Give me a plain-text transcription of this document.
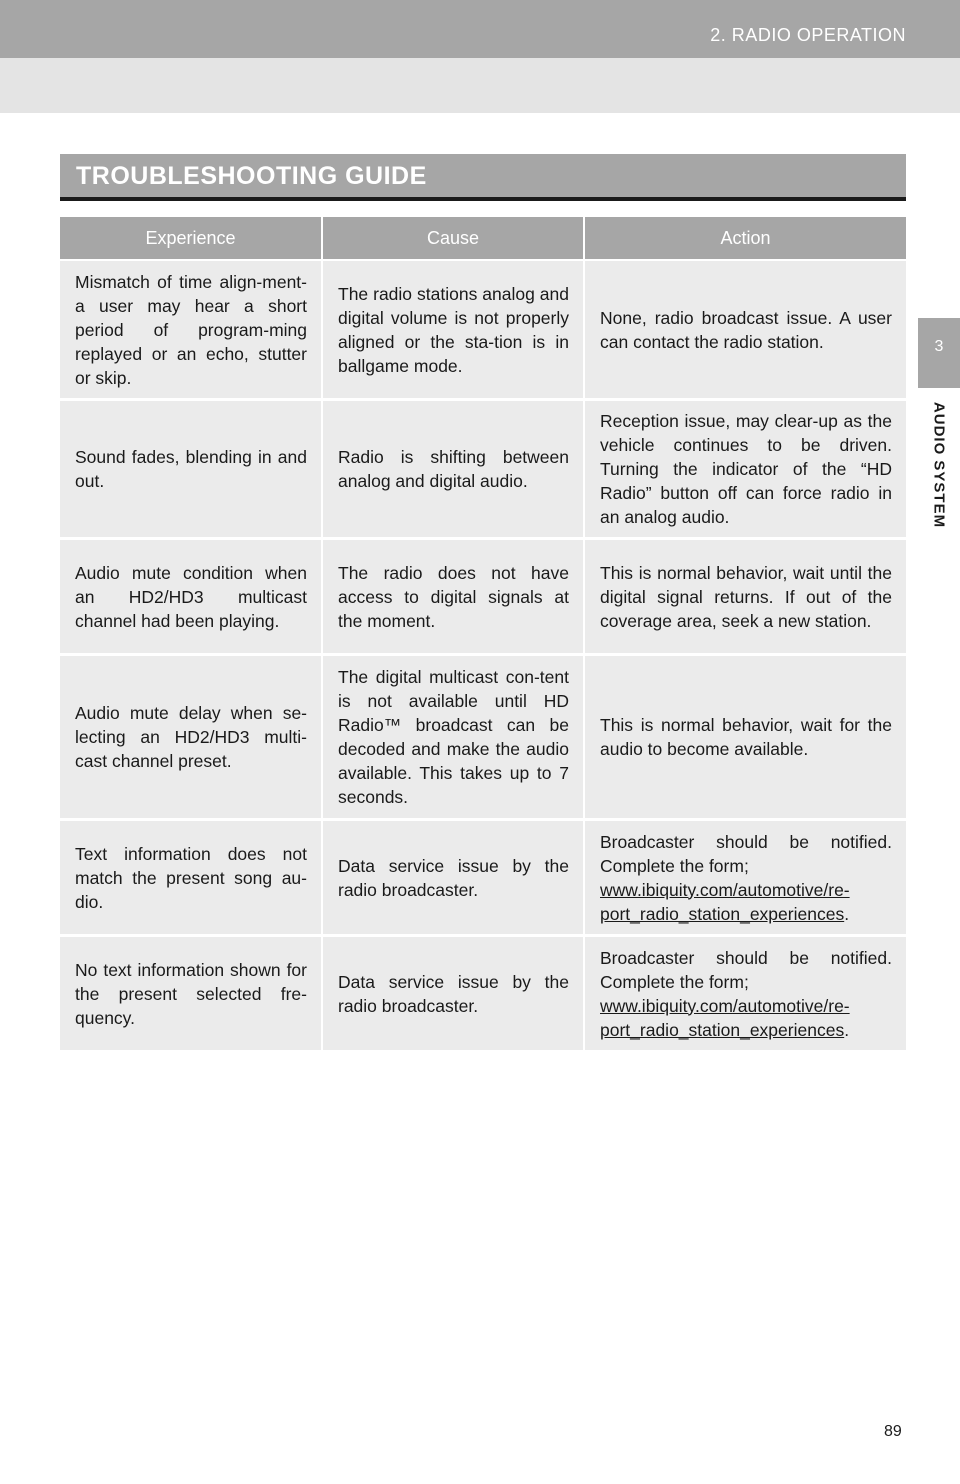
2. RADIO OPERATION
3
AUDIO SYSTEM
TROUBLESHOOTING GUIDE
Experience	Cause	Action

Mismatch of time align-ment- a user may hear a short period of program-ming replayed or an echo, stutter or skip.

The radio stations analog and digital volume is not properly aligned or the sta-tion is in ballgame mode.

None, radio broadcast issue. A user can contact the radio station.

Sound fades, blending in and out.

Radio is shifting between analog and digital audio.

Reception issue, may clear-up as the vehicle continues to be driven. Turning the indicator of the “HD Radio” button off can force radio in an analog audio.

Audio mute condition when an HD2/HD3 multicast channel had been playing.

The radio does not have access to digital signals at the moment.

This is normal behavior, wait until the digital signal returns. If out of the coverage area, seek a new station.

Audio mute delay when se-lecting an HD2/HD3 multi-cast channel preset.

The digital multicast con-tent is not available until HD Radio™ broadcast can be decoded and make the audio available. This takes up to 7 seconds.

This is normal behavior, wait for the audio to become available.

Text information does not match the present song au-dio.

Data service issue by the radio broadcaster.

Broadcaster should be notified. Complete the form;

www.ibiquity.com/automotive/re-

port_radio_station_experiences.

No text information shown for the present selected fre-quency.

Data service issue by the radio broadcaster.

Broadcaster should be notified. Complete the form;

www.ibiquity.com/automotive/re-

port_radio_station_experiences.

89
